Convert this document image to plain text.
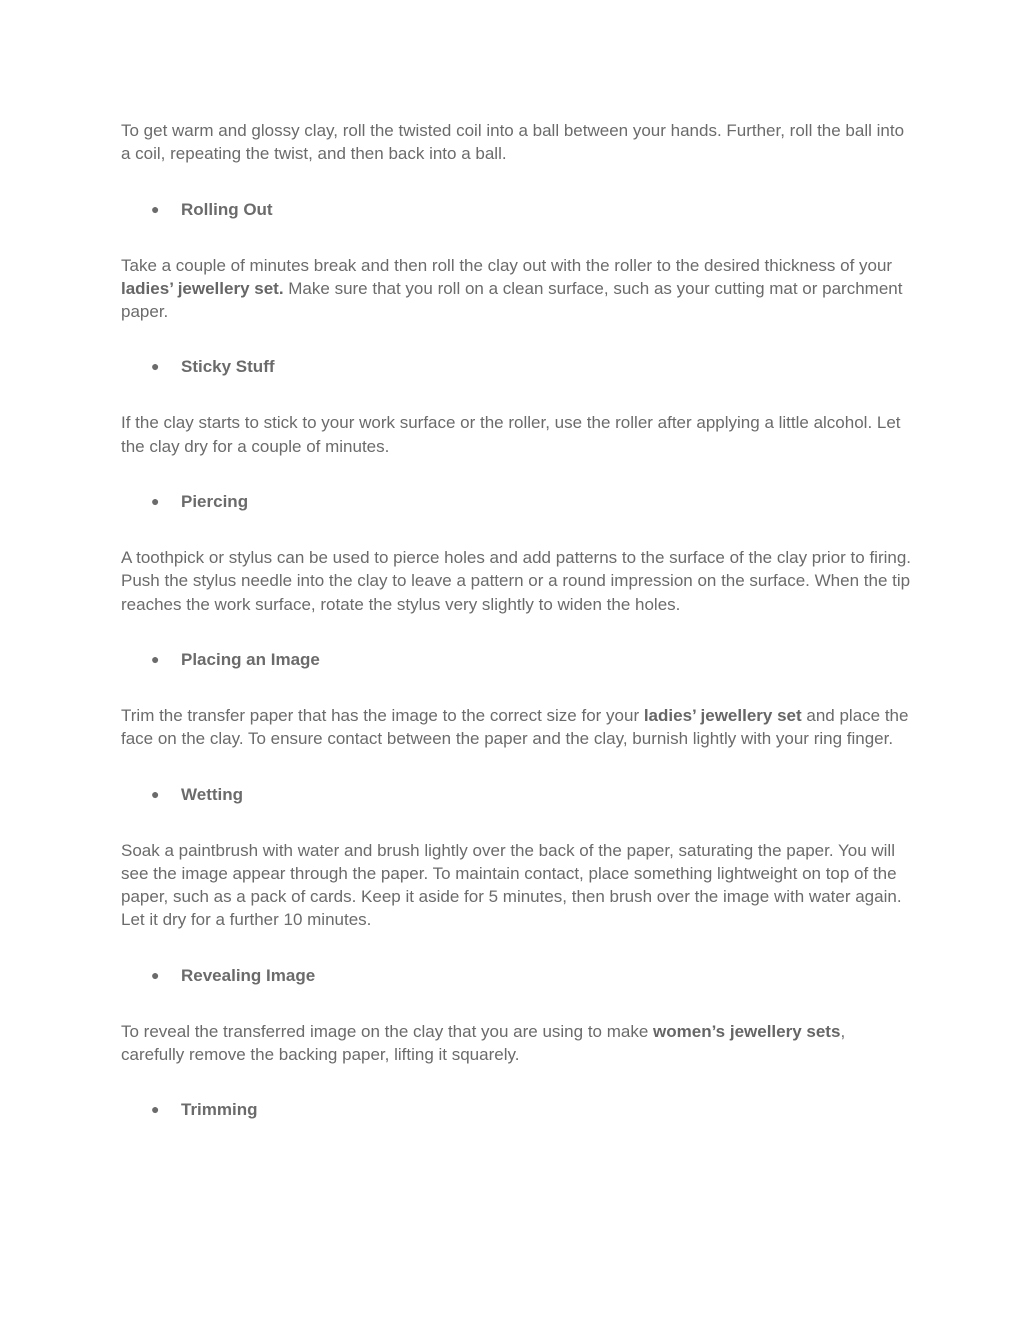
To get warm and glossy clay, roll the twisted coil into a ball between your hands. Further, roll the ball into a coil, repeating the twist, and then back into a ball.

● Rolling Out

Take a couple of minutes break and then roll the clay out with the roller to the desired thickness of your ladies’ jewellery set. Make sure that you roll on a clean surface, such as your cutting mat or parchment paper.

● Sticky Stuff

If the clay starts to stick to your work surface or the roller, use the roller after applying a little alcohol. Let the clay dry for a couple of minutes.

● Piercing

A toothpick or stylus can be used to pierce holes and add patterns to the surface of the clay prior to firing. Push the stylus needle into the clay to leave a pattern or a round impression on the surface. When the tip reaches the work surface, rotate the stylus very slightly to widen the holes.

● Placing an Image

Trim the transfer paper that has the image to the correct size for your ladies’ jewellery set and place the face on the clay. To ensure contact between the paper and the clay, burnish lightly with your ring finger.

● Wetting

Soak a paintbrush with water and brush lightly over the back of the paper, saturating the paper. You will see the image appear through the paper. To maintain contact, place something lightweight on top of the paper, such as a pack of cards. Keep it aside for 5 minutes, then brush over the image with water again. Let it dry for a further 10 minutes.

● Revealing Image

To reveal the transferred image on the clay that you are using to make women’s jewellery sets, carefully remove the backing paper, lifting it squarely.

● Trimming
